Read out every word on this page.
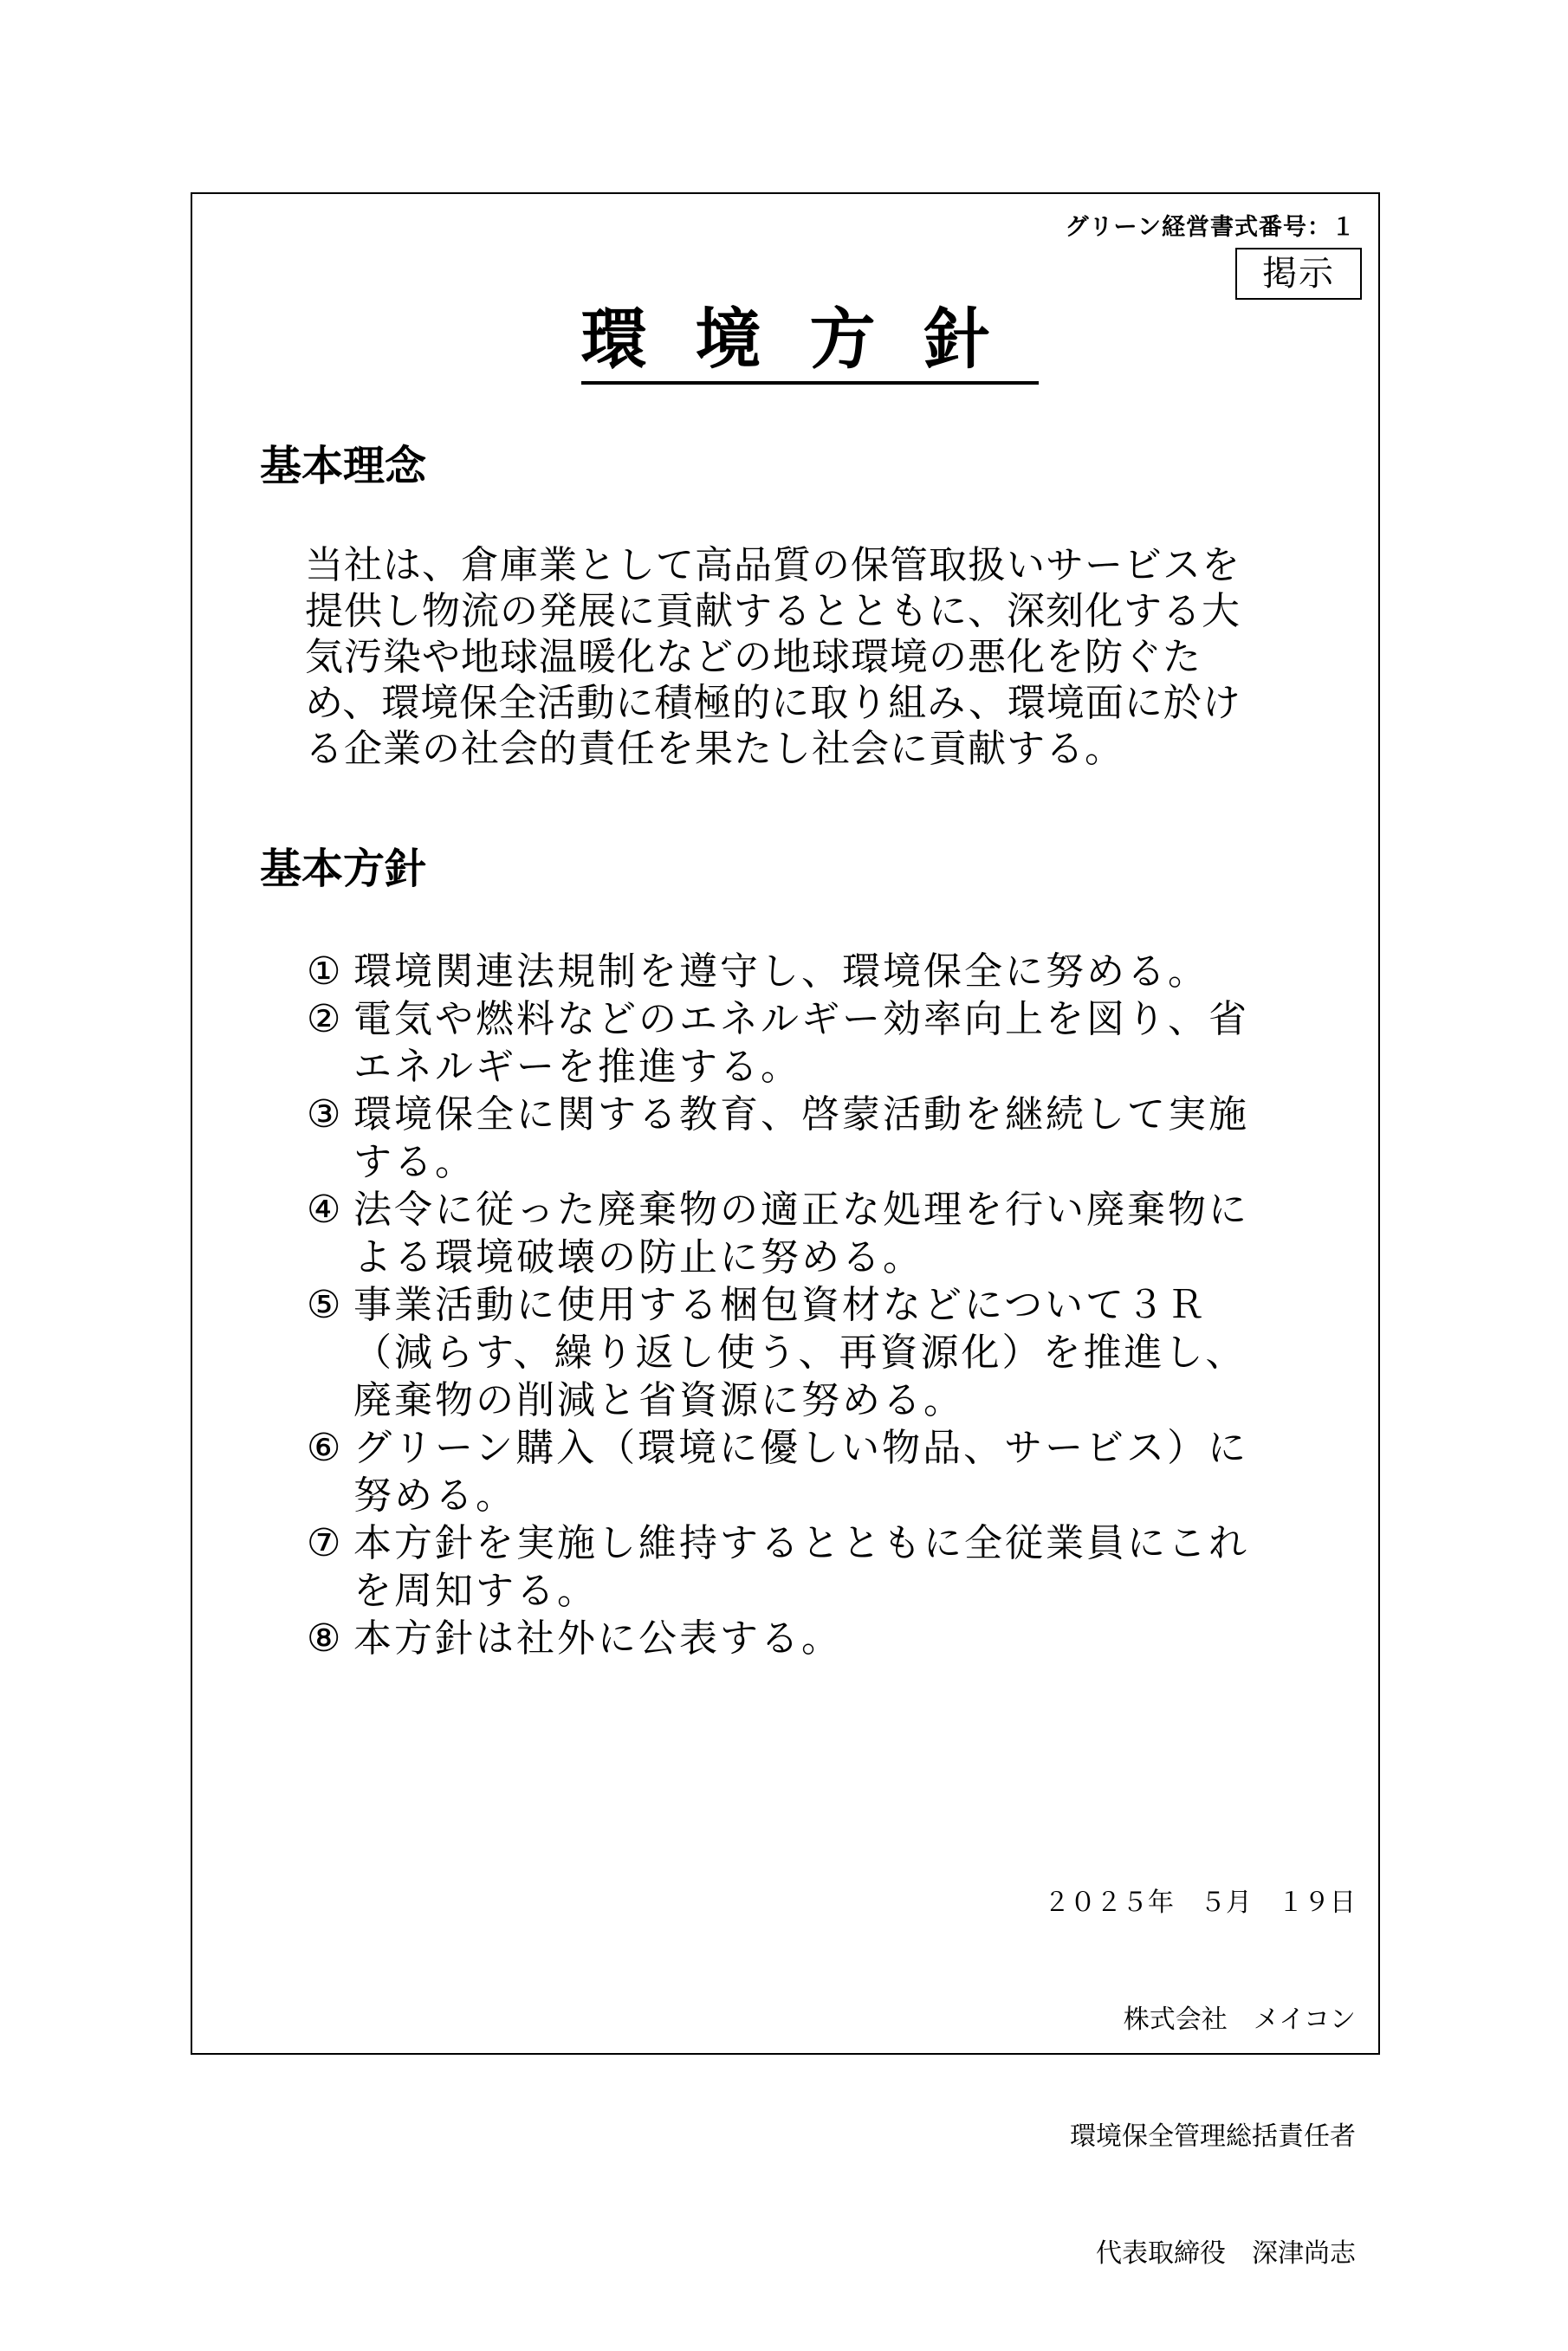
グリーン経営書式番号：１
掲示
環境方針
基本理念

当社は、倉庫業として高品質の保管取扱いサービスを提供し物流の発展に貢献するとともに、深刻化する大気汚染や地球温暖化などの地球環境の悪化を防ぐため、環境保全活動に積極的に取り組み、環境面に於ける企業の社会的責任を果たし社会に貢献する。

基本方針
① 環境関連法規制を遵守し、環境保全に努める。
② 電気や燃料などのエネルギー効率向上を図り、省エネルギーを推進する。
③ 環境保全に関する教育、啓蒙活動を継続して実施する。
④ 法令に従った廃棄物の適正な処理を行い廃棄物による環境破壊の防止に努める。
⑤ 事業活動に使用する梱包資材などについて３Ｒ（減らす、繰り返し使う、再資源化）を推進し、廃棄物の削減と省資源に努める。
⑥ グリーン購入（環境に優しい物品、サービス）に努める。
⑦ 本方針を実施し維持するとともに全従業員にこれを周知する。
⑧ 本方針は社外に公表する。

２０２５年　５月　１９日

株式会社　メイコン

環境保全管理総括責任者

代表取締役　深津尚志
